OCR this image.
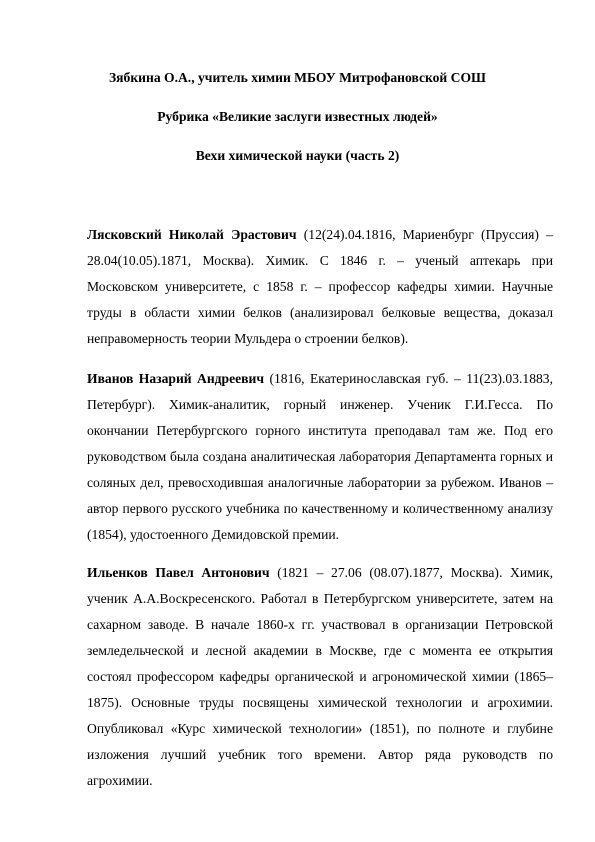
Зябкина О.А., учитель химии МБОУ Митрофановской СОШ
Рубрика «Великие заслуги известных людей»
Вехи химической науки (часть 2)

Лясковский Николай Эрастович (12(24).04.1816, Мариенбург (Пруссия) – 28.04(10.05).1871, Москва). Химик. С 1846 г. – ученый аптекарь при Московском университете, с 1858 г. – профессор кафедры химии. Научные труды в области химии белков (анализировал белковые вещества, доказал неправомерность теории Мульдера о строении белков).

Иванов Назарий Андреевич (1816, Екатеринославская губ. – 11(23).03.1883, Петербург). Химик-аналитик, горный инженер. Ученик Г.И.Гесса. По окончании Петербургского горного института преподавал там же. Под его руководством была создана аналитическая лаборатория Департамента горных и соляных дел, превосходившая аналогичные лаборатории за рубежом. Иванов – автор первого русского учебника по качественному и количественному анализу (1854), удостоенного Демидовской премии.

Ильенков Павел Антонович (1821 – 27.06 (08.07).1877, Москва). Химик, ученик А.А.Воскресенского. Работал в Петербургском университете, затем на сахарном заводе. В начале 1860-х гг. участвовал в организации Петровской земледельческой и лесной академии в Москве, где с момента ее открытия состоял профессором кафедры органической и агрономической химии (1865–1875). Основные труды посвящены химической технологии и агрохимии. Опубликовал «Курс химической технологии» (1851), по полноте и глубине изложения лучший учебник того времени. Автор ряда руководств по агрохимии.
